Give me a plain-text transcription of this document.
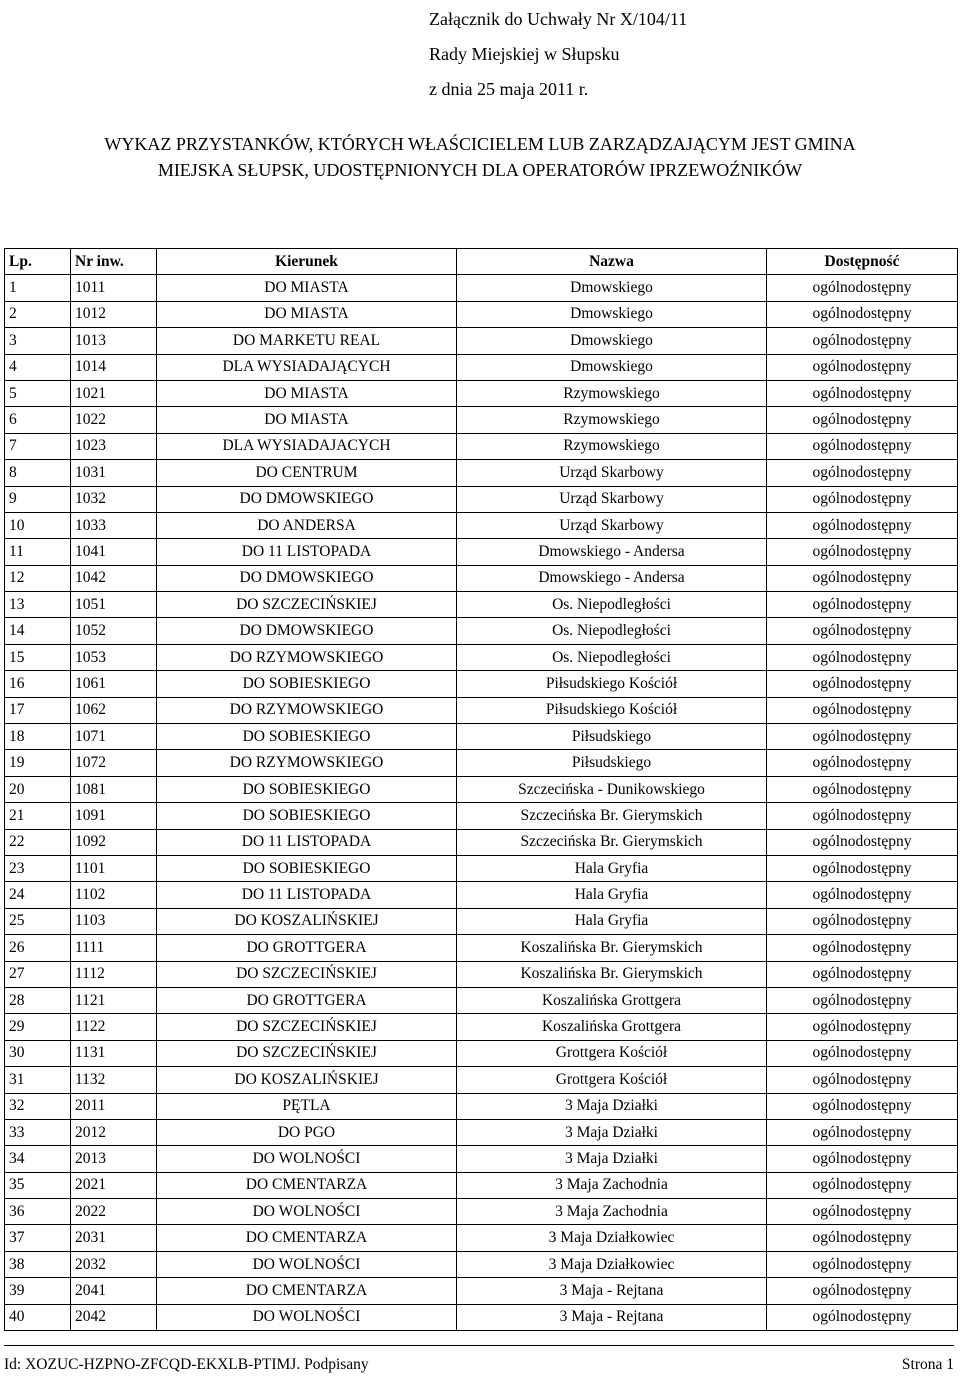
Załącznik do Uchwały Nr X/104/11
Rady Miejskiej w Słupsku
z dnia 25 maja 2011 r.
WYKAZ PRZYSTANKÓW, KTÓRYCH WŁAŚCICIELEM LUB ZARZĄDZAJĄCYM JEST GMINA
MIEJSKA SŁUPSK, UDOSTĘPNIONYCH DLA OPERATORÓW IPRZEWOŹNIKÓW
Lp.	Nr inw.	Kierunek	Nazwa	Dostępność
1	1011	DO MIASTA	Dmowskiego	ogólnodostępny
2	1012	DO MIASTA	Dmowskiego	ogólnodostępny
3	1013	DO MARKETU REAL	Dmowskiego	ogólnodostępny
4	1014	DLA WYSIADAJĄCYCH	Dmowskiego	ogólnodostępny
5	1021	DO MIASTA	Rzymowskiego	ogólnodostępny
6	1022	DO MIASTA	Rzymowskiego	ogólnodostępny
7	1023	DLA WYSIADAJACYCH	Rzymowskiego	ogólnodostępny
8	1031	DO CENTRUM	Urząd Skarbowy	ogólnodostępny
9	1032	DO DMOWSKIEGO	Urząd Skarbowy	ogólnodostępny
10	1033	DO ANDERSA	Urząd Skarbowy	ogólnodostępny
11	1041	DO 11 LISTOPADA	Dmowskiego - Andersa	ogólnodostępny
12	1042	DO DMOWSKIEGO	Dmowskiego - Andersa	ogólnodostępny
13	1051	DO SZCZECIŃSKIEJ	Os. Niepodległości	ogólnodostępny
14	1052	DO DMOWSKIEGO	Os. Niepodległości	ogólnodostępny
15	1053	DO RZYMOWSKIEGO	Os. Niepodległości	ogólnodostępny
16	1061	DO SOBIESKIEGO	Piłsudskiego Kościół	ogólnodostępny
17	1062	DO RZYMOWSKIEGO	Piłsudskiego Kościół	ogólnodostępny
18	1071	DO SOBIESKIEGO	Piłsudskiego	ogólnodostępny
19	1072	DO RZYMOWSKIEGO	Piłsudskiego	ogólnodostępny
20	1081	DO SOBIESKIEGO	Szczecińska - Dunikowskiego	ogólnodostępny
21	1091	DO SOBIESKIEGO	Szczecińska Br. Gierymskich	ogólnodostępny
22	1092	DO 11 LISTOPADA	Szczecińska Br. Gierymskich	ogólnodostępny
23	1101	DO SOBIESKIEGO	Hala Gryfia	ogólnodostępny
24	1102	DO 11 LISTOPADA	Hala Gryfia	ogólnodostępny
25	1103	DO KOSZALIŃSKIEJ	Hala Gryfia	ogólnodostępny
26	1111	DO GROTTGERA	Koszalińska Br. Gierymskich	ogólnodostępny
27	1112	DO SZCZECIŃSKIEJ	Koszalińska Br. Gierymskich	ogólnodostępny
28	1121	DO GROTTGERA	Koszalińska Grottgera	ogólnodostępny
29	1122	DO SZCZECIŃSKIEJ	Koszalińska Grottgera	ogólnodostępny
30	1131	DO SZCZECIŃSKIEJ	Grottgera Kościół	ogólnodostępny
31	1132	DO KOSZALIŃSKIEJ	Grottgera Kościół	ogólnodostępny
32	2011	PĘTLA	3 Maja Działki	ogólnodostępny
33	2012	DO PGO	3 Maja Działki	ogólnodostępny
34	2013	DO WOLNOŚCI	3 Maja Działki	ogólnodostępny
35	2021	DO CMENTARZA	3 Maja Zachodnia	ogólnodostępny
36	2022	DO WOLNOŚCI	3 Maja Zachodnia	ogólnodostępny
37	2031	DO CMENTARZA	3 Maja Działkowiec	ogólnodostępny
38	2032	DO WOLNOŚCI	3 Maja Działkowiec	ogólnodostępny
39	2041	DO CMENTARZA	3 Maja - Rejtana	ogólnodostępny
40	2042	DO WOLNOŚCI	3 Maja - Rejtana	ogólnodostępny
Id: XOZUC-HZPNO-ZFCQD-EKXLB-PTIMJ. Podpisany	Strona 1
